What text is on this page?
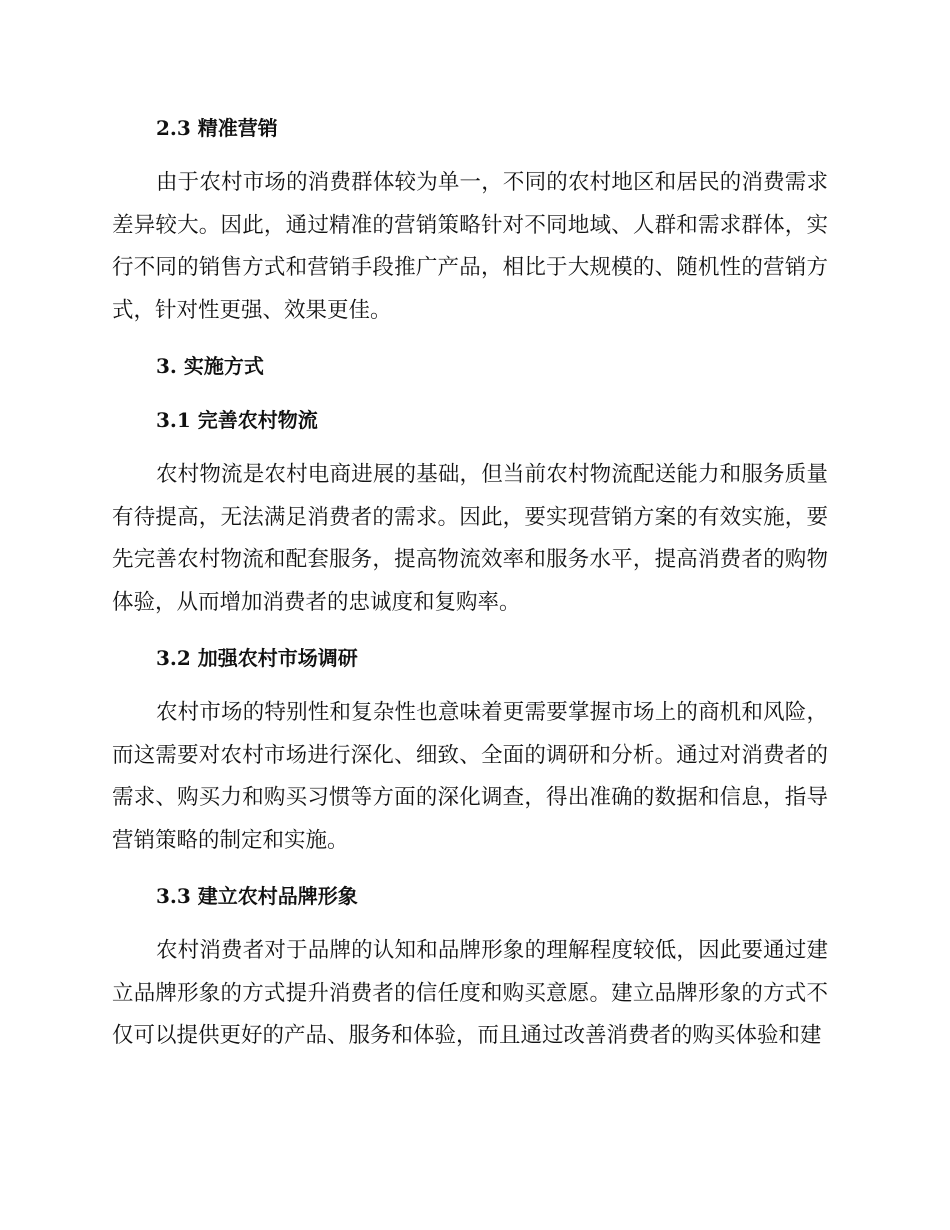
2.3 精准营销

由于农村市场的消费群体较为单一，不同的农村地区和居民的消费需求差异较大。因此，通过精准的营销策略针对不同地域、人群和需求群体，实行不同的销售方式和营销手段推广产品，相比于大规模的、随机性的营销方式，针对性更强、效果更佳。

3. 实施方式
3.1 完善农村物流

农村物流是农村电商进展的基础，但当前农村物流配送能力和服务质量有待提高，无法满足消费者的需求。因此，要实现营销方案的有效实施，要先完善农村物流和配套服务，提高物流效率和服务水平，提高消费者的购物体验，从而增加消费者的忠诚度和复购率。

3.2 加强农村市场调研

农村市场的特别性和复杂性也意味着更需要掌握市场上的商机和风险，而这需要对农村市场进行深化、细致、全面的调研和分析。通过对消费者的需求、购买力和购买习惯等方面的深化调查，得出准确的数据和信息，指导营销策略的制定和实施。

3.3 建立农村品牌形象

农村消费者对于品牌的认知和品牌形象的理解程度较低，因此要通过建立品牌形象的方式提升消费者的信任度和购买意愿。建立品牌形象的方式不仅可以提供更好的产品、服务和体验，而且通过改善消费者的购买体验和建
